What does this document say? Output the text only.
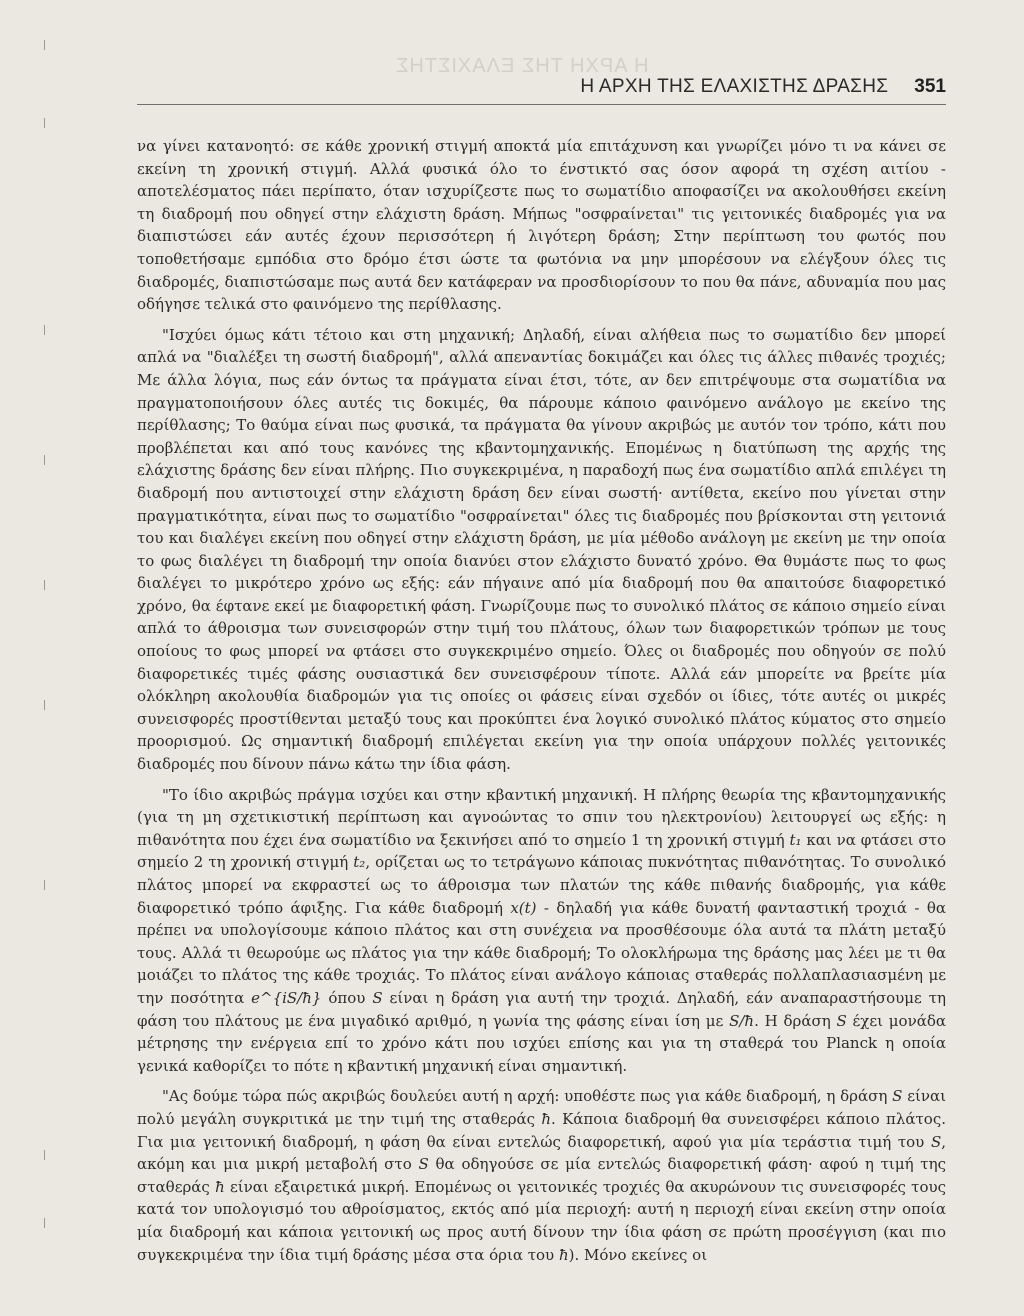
Η ΑΡΧΗ ΤΗΣ ΕΛΑΧΙΣΤΗΣ
Η ΑΡΧΗ ΤΗΣ ΕΛΑΧΙΣΤΗΣ ΔΡΑΣΗΣ 351

να γίνει κατανοητό: σε κάθε χρονική στιγμή αποκτά μία επιτάχυνση και γνωρίζει μόνο τι να κάνει σε εκείνη τη χρονική στιγμή. Αλλά φυσικά όλο το ένστικτό σας όσον αφορά τη σχέση αιτίου - αποτελέσματος πάει περίπατο, όταν ισχυρίζεστε πως το σωματίδιο αποφασίζει να ακολουθήσει εκείνη τη διαδρομή που οδηγεί στην ελάχιστη δράση. Μήπως "οσφραίνεται" τις γειτονικές διαδρομές για να διαπιστώσει εάν αυτές έχουν περισσότερη ή λιγότερη δράση; Στην περίπτωση του φωτός που τοποθετήσαμε εμπόδια στο δρόμο έτσι ώστε τα φωτόνια να μην μπορέσουν να ελέγξουν όλες τις διαδρομές, διαπιστώσαμε πως αυτά δεν κατάφεραν να προσδιορίσουν το που θα πάνε, αδυναμία που μας οδήγησε τελικά στο φαινόμενο της περίθλασης.

"Ισχύει όμως κάτι τέτοιο και στη μηχανική; Δηλαδή, είναι αλήθεια πως το σωματίδιο δεν μπορεί απλά να "διαλέξει τη σωστή διαδρομή", αλλά απεναντίας δοκιμάζει και όλες τις άλλες πιθανές τροχιές; Με άλλα λόγια, πως εάν όντως τα πράγματα είναι έτσι, τότε, αν δεν επιτρέψουμε στα σωματίδια να πραγματοποιήσουν όλες αυτές τις δοκιμές, θα πάρουμε κάποιο φαινόμενο ανάλογο με εκείνο της περίθλασης; Το θαύμα είναι πως φυσικά, τα πράγματα θα γίνουν ακριβώς με αυτόν τον τρόπο, κάτι που προβλέπεται και από τους κανόνες της κβαντομηχανικής. Επομένως η διατύπωση της αρχής της ελάχιστης δράσης δεν είναι πλήρης. Πιο συγκεκριμένα, η παραδοχή πως ένα σωματίδιο απλά επιλέγει τη διαδρομή που αντιστοιχεί στην ελάχιστη δράση δεν είναι σωστή· αντίθετα, εκείνο που γίνεται στην πραγματικότητα, είναι πως το σωματίδιο "οσφραίνεται" όλες τις διαδρομές που βρίσκονται στη γειτονιά του και διαλέγει εκείνη που οδηγεί στην ελάχιστη δράση, με μία μέθοδο ανάλογη με εκείνη με την οποία το φως διαλέγει τη διαδρομή την οποία διανύει στον ελάχιστο δυνατό χρόνο. Θα θυμάστε πως το φως διαλέγει το μικρότερο χρόνο ως εξής: εάν πήγαινε από μία διαδρομή που θα απαιτούσε διαφορετικό χρόνο, θα έφτανε εκεί με διαφορετική φάση. Γνωρίζουμε πως το συνολικό πλάτος σε κάποιο σημείο είναι απλά το άθροισμα των συνεισφορών στην τιμή του πλάτους, όλων των διαφορετικών τρόπων με τους οποίους το φως μπορεί να φτάσει στο συγκεκριμένο σημείο. Όλες οι διαδρομές που οδηγούν σε πολύ διαφορετικές τιμές φάσης ουσιαστικά δεν συνεισφέρουν τίποτε. Αλλά εάν μπορείτε να βρείτε μία ολόκληρη ακολουθία διαδρομών για τις οποίες οι φάσεις είναι σχεδόν οι ίδιες, τότε αυτές οι μικρές συνεισφορές προστίθενται μεταξύ τους και προκύπτει ένα λογικό συνολικό πλάτος κύματος στο σημείο προορισμού. Ως σημαντική διαδρομή επιλέγεται εκείνη για την οποία υπάρχουν πολλές γειτονικές διαδρομές που δίνουν πάνω κάτω την ίδια φάση.

"Το ίδιο ακριβώς πράγμα ισχύει και στην κβαντική μηχανική. Η πλήρης θεωρία της κβαντομηχανικής (για τη μη σχετικιστική περίπτωση και αγνοώντας το σπιν του ηλεκτρονίου) λειτουργεί ως εξής: η πιθανότητα που έχει ένα σωματίδιο να ξεκινήσει από το σημείο 1 τη χρονική στιγμή t₁ και να φτάσει στο σημείο 2 τη χρονική στιγμή t₂, ορίζεται ως το τετράγωνο κάποιας πυκνότητας πιθανότητας. Το συνολικό πλάτος μπορεί να εκφραστεί ως το άθροισμα των πλατών της κάθε πιθανής διαδρομής, για κάθε διαφορετικό τρόπο άφιξης. Για κάθε διαδρομή x(t) - δηλαδή για κάθε δυνατή φανταστική τροχιά - θα πρέπει να υπολογίσουμε κάποιο πλάτος και στη συνέχεια να προσθέσουμε όλα αυτά τα πλάτη μεταξύ τους. Αλλά τι θεωρούμε ως πλάτος για την κάθε διαδρομή; Το ολοκλήρωμα της δράσης μας λέει με τι θα μοιάζει το πλάτος της κάθε τροχιάς. Το πλάτος είναι ανάλογο κάποιας σταθεράς πολλαπλασιασμένη με την ποσότητα e^{iS/ħ} όπου S είναι η δράση για αυτή την τροχιά. Δηλαδή, εάν αναπαραστήσουμε τη φάση του πλάτους με ένα μιγαδικό αριθμό, η γωνία της φάσης είναι ίση με S/ħ. Η δράση S έχει μονάδα μέτρησης την ενέργεια επί το χρόνο κάτι που ισχύει επίσης και για τη σταθερά του Planck η οποία γενικά καθορίζει το πότε η κβαντική μηχανική είναι σημαντική.

"Ας δούμε τώρα πώς ακριβώς δουλεύει αυτή η αρχή: υποθέστε πως για κάθε διαδρομή, η δράση S είναι πολύ μεγάλη συγκριτικά με την τιμή της σταθεράς ħ. Κάποια διαδρομή θα συνεισφέρει κάποιο πλάτος. Για μια γειτονική διαδρομή, η φάση θα είναι εντελώς διαφορετική, αφού για μία τεράστια τιμή του S, ακόμη και μια μικρή μεταβολή στο S θα οδηγούσε σε μία εντελώς διαφορετική φάση· αφού η τιμή της σταθεράς ħ είναι εξαιρετικά μικρή. Επομένως οι γειτονικές τροχιές θα ακυρώνουν τις συνεισφορές τους κατά τον υπολογισμό του αθροίσματος, εκτός από μία περιοχή: αυτή η περιοχή είναι εκείνη στην οποία μία διαδρομή και κάποια γειτονική ως προς αυτή δίνουν την ίδια φάση σε πρώτη προσέγγιση (και πιο συγκεκριμένα την ίδια τιμή δράσης μέσα στα όρια του ħ). Μόνο εκείνες οι
